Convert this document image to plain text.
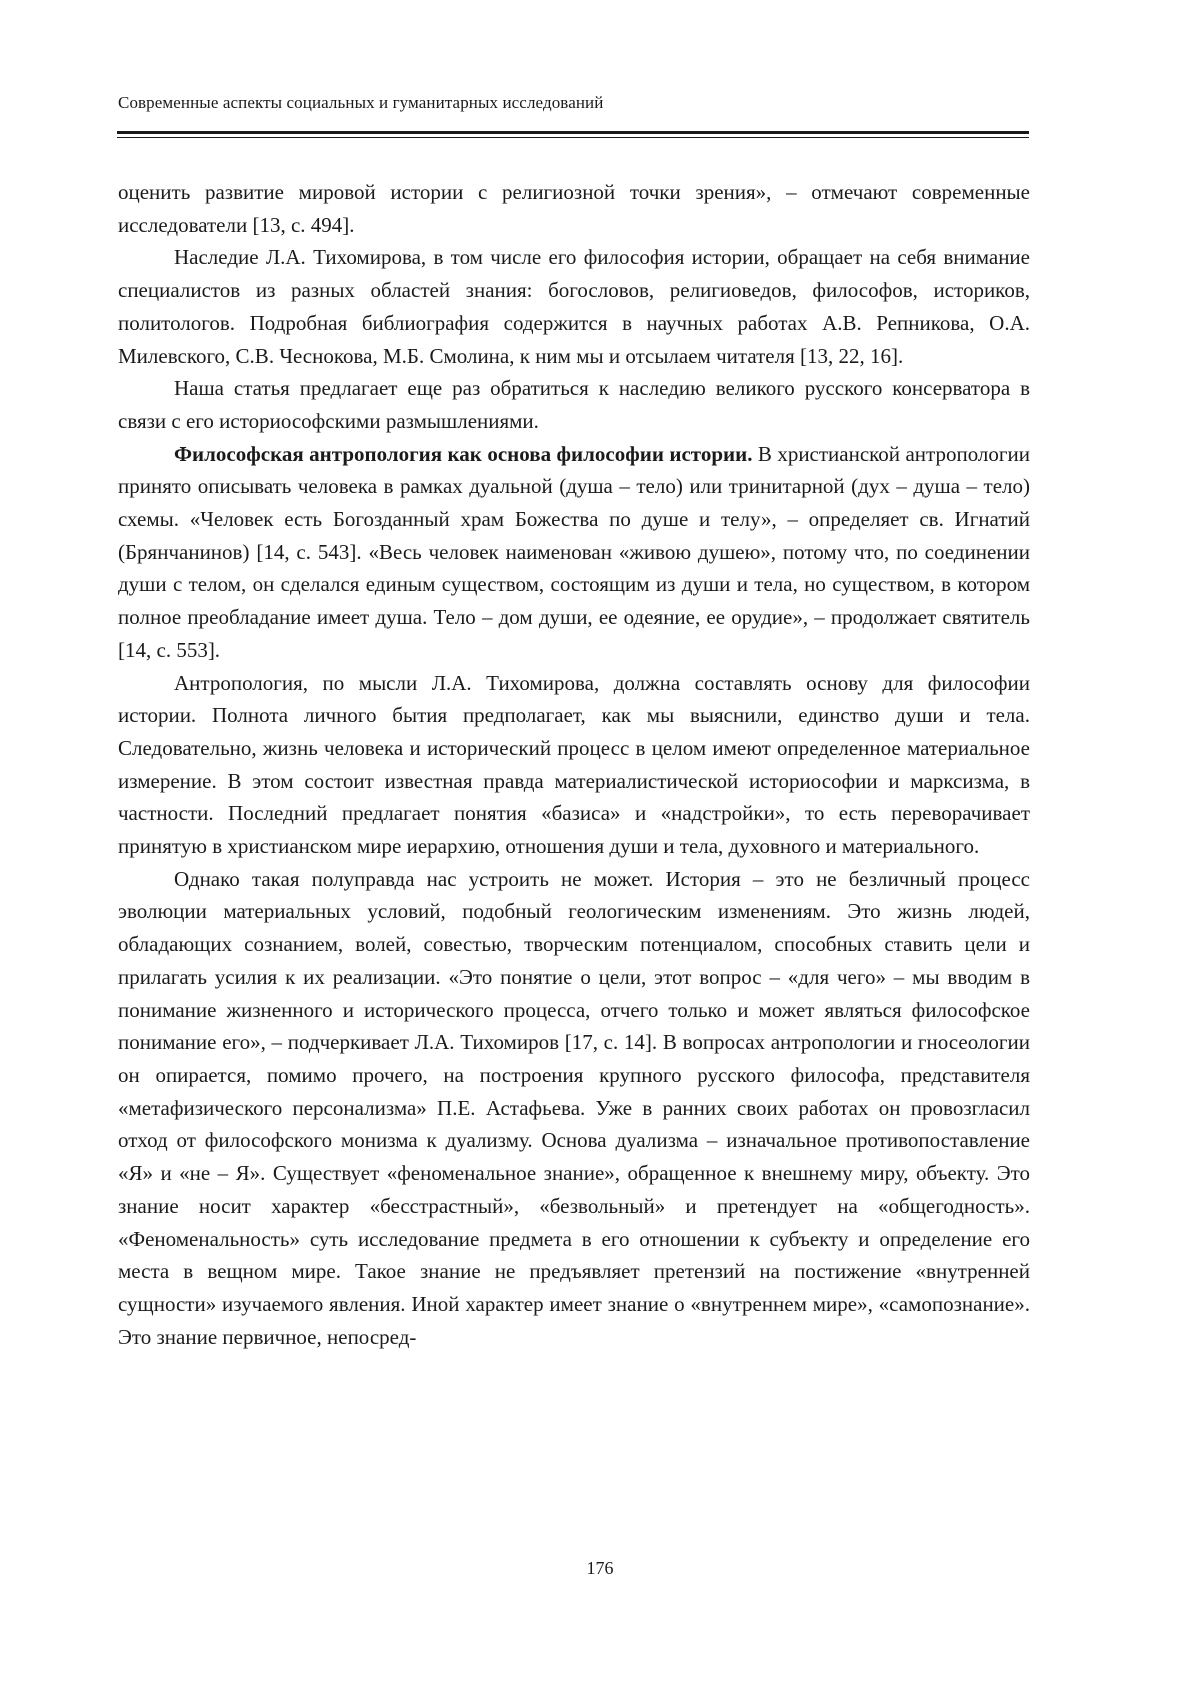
Современные аспекты социальных и гуманитарных исследований

оценить развитие мировой истории с религиозной точки зрения», – отмечают современные исследователи [13, с. 494].

Наследие Л.А. Тихомирова, в том числе его философия истории, обращает на себя внимание специалистов из разных областей знания: богословов, религиоведов, философов, историков, политологов. Подробная библиография содержится в научных работах А.В. Репникова, О.А. Милевского, С.В. Чеснокова, М.Б. Смолина, к ним мы и отсылаем читателя [13, 22, 16].

Наша статья предлагает еще раз обратиться к наследию великого русского консерватора в связи с его историософскими размышлениями.

Философская антропология как основа философии истории. В христианской антропологии принято описывать человека в рамках дуальной (душа – тело) или тринитарной (дух – душа – тело) схемы. «Человек есть Богозданный храм Божества по душе и телу», – определяет св. Игнатий (Брянчанинов) [14, с. 543]. «Весь человек наименован «живою душею», потому что, по соединении души с телом, он сделался единым существом, состоящим из души и тела, но существом, в котором полное преобладание имеет душа. Тело – дом души, ее одеяние, ее орудие», – продолжает святитель [14, с. 553].

Антропология, по мысли Л.А. Тихомирова, должна составлять основу для философии истории. Полнота личного бытия предполагает, как мы выяснили, единство души и тела. Следовательно, жизнь человека и исторический процесс в целом имеют определенное материальное измерение. В этом состоит известная правда материалистической историософии и марксизма, в частности. Последний предлагает понятия «базиса» и «надстройки», то есть переворачивает принятую в христианском мире иерархию, отношения души и тела, духовного и материального.

Однако такая полуправда нас устроить не может. История – это не безличный процесс эволюции материальных условий, подобный геологическим изменениям. Это жизнь людей, обладающих сознанием, волей, совестью, творческим потенциалом, способных ставить цели и прилагать усилия к их реализации. «Это понятие о цели, этот вопрос – «для чего» – мы вводим в понимание жизненного и исторического процесса, отчего только и может являться философское понимание его», – подчеркивает Л.А. Тихомиров [17, с. 14]. В вопросах антропологии и гносеологии он опирается, помимо прочего, на построения крупного русского философа, представителя «метафизического персонализма» П.Е. Астафьева. Уже в ранних своих работах он провозгласил отход от философского монизма к дуализму. Основа дуализма – изначальное противопоставление «Я» и «не – Я». Существует «феноменальное знание», обращенное к внешнему миру, объекту. Это знание носит характер «бесстрастный», «безвольный» и претендует на «общегодность». «Феноменальность» суть исследование предмета в его отношении к субъекту и определение его места в вещном мире. Такое знание не предъявляет претензий на постижение «внутренней сущности» изучаемого явления. Иной характер имеет знание о «внутреннем мире», «самопознание». Это знание первичное, непосред-

176
